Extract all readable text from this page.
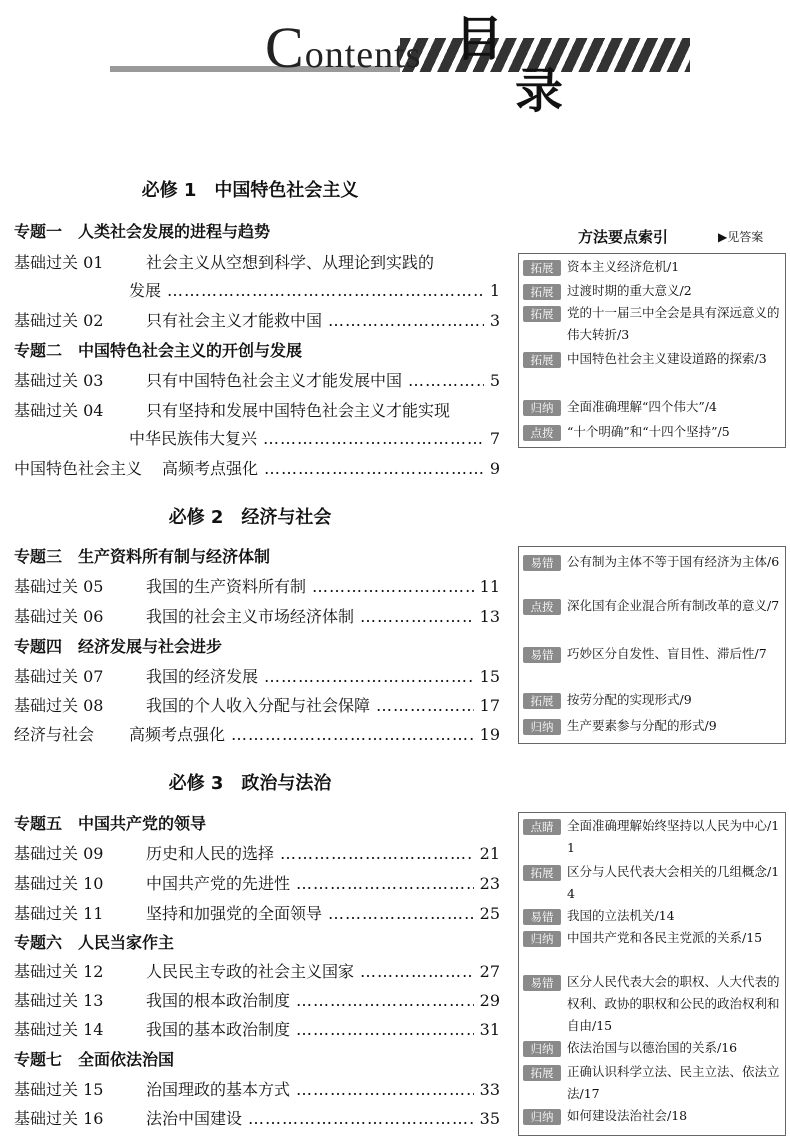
Contents 目
录
必修 1　中国特色社会主义
必修 2　经济与社会
必修 3　政治与法治
专题一　人类社会发展的进程与趋势
基础过关 01	社会主义从空想到科学、从理论到实践的
发展 ……………………………………………………………………………………………………………	1
基础过关 02	只有社会主义才能救中国 ……………………………………………………………………………………………………………	3
专题二　中国特色社会主义的开创与发展
基础过关 03	只有中国特色社会主义才能发展中国 ……………………………………………………………………………………………………………	5
基础过关 04	只有坚持和发展中国特色社会主义才能实现
中华民族伟大复兴 ……………………………………………………………………………………………………………	7
中国特色社会主义 高频考点强化 ……………………………………………………………………………………………………………	9
专题三　生产资料所有制与经济体制
基础过关 05	我国的生产资料所有制 ……………………………………………………………………………………………………………	11
基础过关 06	我国的社会主义市场经济体制 ……………………………………………………………………………………………………………	13
专题四　经济发展与社会进步
基础过关 07	我国的经济发展 ……………………………………………………………………………………………………………	15
基础过关 08	我国的个人收入分配与社会保障 ……………………………………………………………………………………………………………	17
经济与社会 高频考点强化 ……………………………………………………………………………………………………………	19
专题五　中国共产党的领导
基础过关 09	历史和人民的选择 ……………………………………………………………………………………………………………	21
基础过关 10	中国共产党的先进性 ……………………………………………………………………………………………………………	23
基础过关 11	坚持和加强党的全面领导 ……………………………………………………………………………………………………………	25
专题六　人民当家作主
基础过关 12	人民民主专政的社会主义国家 ……………………………………………………………………………………………………………	27
基础过关 13	我国的根本政治制度 ……………………………………………………………………………………………………………	29
基础过关 14	我国的基本政治制度 ……………………………………………………………………………………………………………	31
专题七　全面依法治国
基础过关 15	治国理政的基本方式 ……………………………………………………………………………………………………………	33
基础过关 16	法治中国建设 ……………………………………………………………………………………………………………	35
方法要点索引	▶见答案
拓展 资本主义经济危机/1
拓展 过渡时期的重大意义/2
拓展 党的十一届三中全会是具有深远意义的伟大转折/3
拓展 中国特色社会主义建设道路的探索/3
归纳 全面准确理解“四个伟大”/4
点拨 “十个明确”和“十四个坚持”/5
易错 公有制为主体不等于国有经济为主体/6
点拨 深化国有企业混合所有制改革的意义/7
易错 巧妙区分自发性、盲目性、滞后性/7
拓展 按劳分配的实现形式/9
归纳 生产要素参与分配的形式/9
点睛 全面准确理解始终坚持以人民为中心/11
拓展 区分与人民代表大会相关的几组概念/14
易错 我国的立法机关/14
归纳 中国共产党和各民主党派的关系/15
易错 区分人民代表大会的职权、人大代表的权利、政协的职权和公民的政治权利和自由/15
归纳 依法治国与以德治国的关系/16
拓展 正确认识科学立法、民主立法、依法立法/17
归纳 如何建设法治社会/18
